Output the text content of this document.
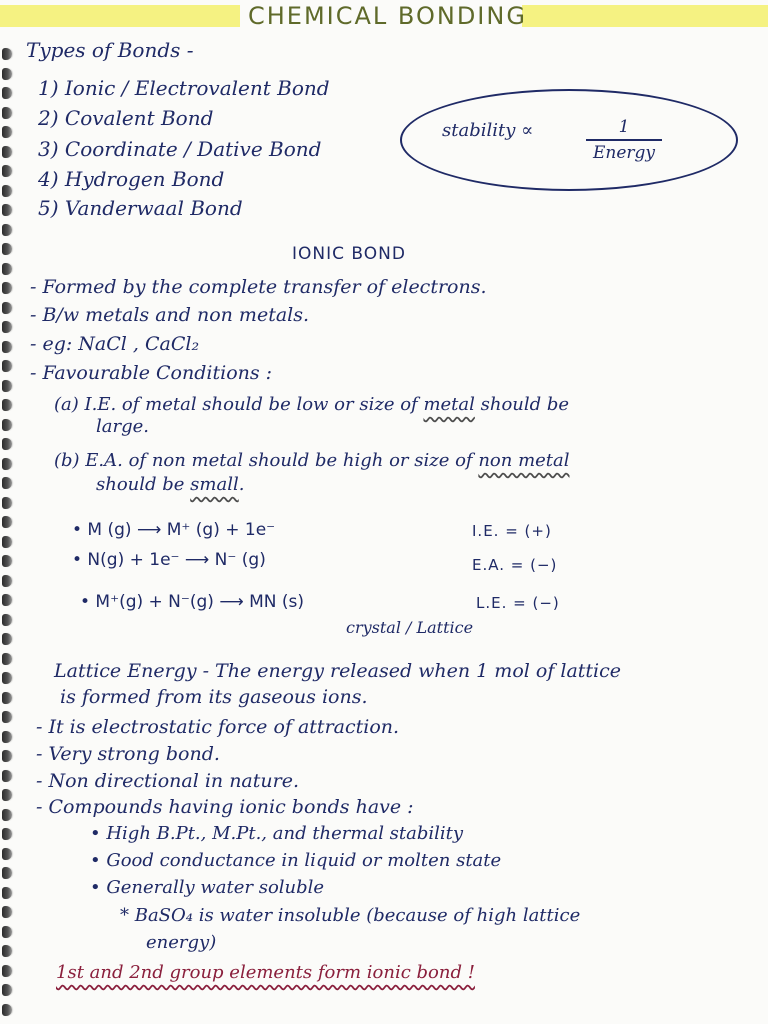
CHEMICAL BONDING
Types of Bonds -
1) Ionic / Electrovalent Bond
2) Covalent Bond
3) Coordinate / Dative Bond
4) Hydrogen Bond
5) Vanderwaal Bond
stability ∝	1
Energy
IONIC BOND
- Formed by the complete transfer of electrons.
- B/w metals and non metals.
- eg: NaCl , CaCl₂
- Favourable Conditions :
(a) I.E. of metal should be low or size of metal should be
large.
(b) E.A. of non metal should be high or size of non metal
should be small.
• M (g) ⟶ M⁺ (g) + 1e⁻	I.E. = (+)
• N(g) + 1e⁻ ⟶ N⁻ (g)	E.A. = (−)
• M⁺(g) + N⁻(g) ⟶ MN (s)	L.E. = (−)
crystal / Lattice
Lattice Energy - The energy released when 1 mol of lattice
is formed from its gaseous ions.
- It is electrostatic force of attraction.
- Very strong bond.
- Non directional in nature.
- Compounds having ionic bonds have :
• High B.Pt., M.Pt., and thermal stability
• Good conductance in liquid or molten state
• Generally water soluble
* BaSO₄ is water insoluble (because of high lattice
energy)
1st and 2nd group elements form ionic bond !
